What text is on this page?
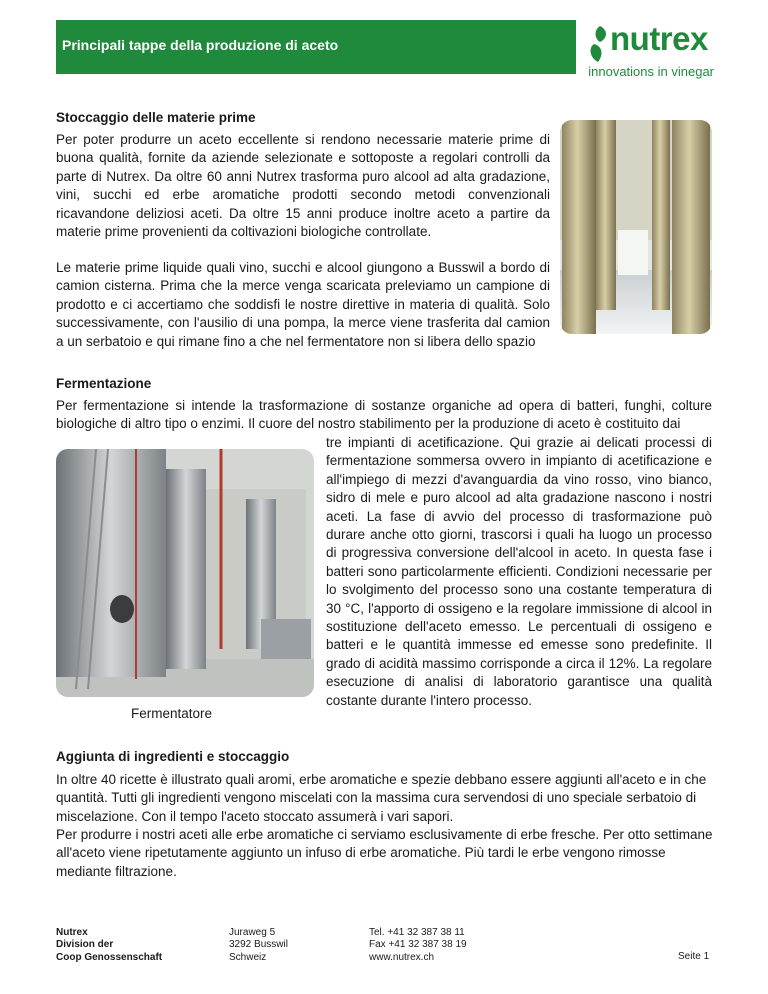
Principali tappe della produzione di aceto	nutrex
innovations in vinegar
Stoccaggio delle materie prime

Per poter produrre un aceto eccellente si rendono necessarie materie prime di buona qualità, fornite da aziende selezionate e sottoposte a regolari controlli da parte di Nutrex. Da oltre 60 anni Nutrex trasforma puro alcool ad alta gradazione, vini, succhi ed erbe aromatiche prodotti secondo metodi convenzionali ricavandone deliziosi aceti. Da oltre 15 anni produce inoltre aceto a partire da materie prime provenienti da coltivazioni biologiche controllate.

Le materie prime liquide quali vino, succhi e alcool giungono a Busswil a bordo di camion cisterna. Prima che la merce venga scaricata preleviamo un campione di prodotto e ci accertiamo che soddisfi le nostre direttive in materia di qualità. Solo successivamente, con l'ausilio di una pompa, la merce viene trasferita dal camion a un serbatoio e qui rimane fino a che nel fermentatore non si libera dello spazio

Fermentazione

Per fermentazione si intende la trasformazione di sostanze organiche ad opera di batteri, funghi, colture biologiche di altro tipo o enzimi. Il cuore del nostro stabilimento per la produzione di aceto è costituito dai

tre impianti di acetificazione. Qui grazie ai delicati processi di fermentazione sommersa ovvero in impianto di acetificazione e all'impiego di mezzi d'avanguardia da vino rosso, vino bianco, sidro di mele e puro alcool ad alta gradazione nascono i nostri aceti. La fase di avvio del processo di trasformazione può durare anche otto giorni, trascorsi i quali ha luogo un processo di progressiva conversione dell'alcool in aceto. In questa fase i batteri sono particolarmente efficienti. Condizioni necessarie per lo svolgimento del processo sono una costante temperatura di 30 °C, l'apporto di ossigeno e la regolare immissione di alcool in sostituzione dell'aceto emesso. Le percentuali di ossigeno e batteri e le quantità immesse ed emesse sono predefinite. Il grado di acidità massimo corrisponde a circa il 12%. La regolare esecuzione di analisi di laboratorio garantisce una qualità costante durante l'intero processo.

Fermentatore
Aggiunta di ingredienti e stoccaggio

In oltre 40 ricette è illustrato quali aromi, erbe aromatiche e spezie debbano essere aggiunti all'aceto e in che quantità. Tutti gli ingredienti vengono miscelati con la massima cura servendosi di uno speciale serbatoio di miscelazione. Con il tempo l'aceto stoccato assumerà i vari sapori.

Per produrre i nostri aceti alle erbe aromatiche ci serviamo esclusivamente di erbe fresche. Per otto settimane all'aceto viene ripetutamente aggiunto un infuso di erbe aromatiche. Più tardi le erbe vengono rimosse mediante filtrazione.

Nutrex
Division der
Coop Genossenschaft
Juraweg 5
3292 Busswil
Schweiz
Tel. +41 32 387 38 11
Fax +41 32 387 38 19
www.nutrex.ch	Seite 1
